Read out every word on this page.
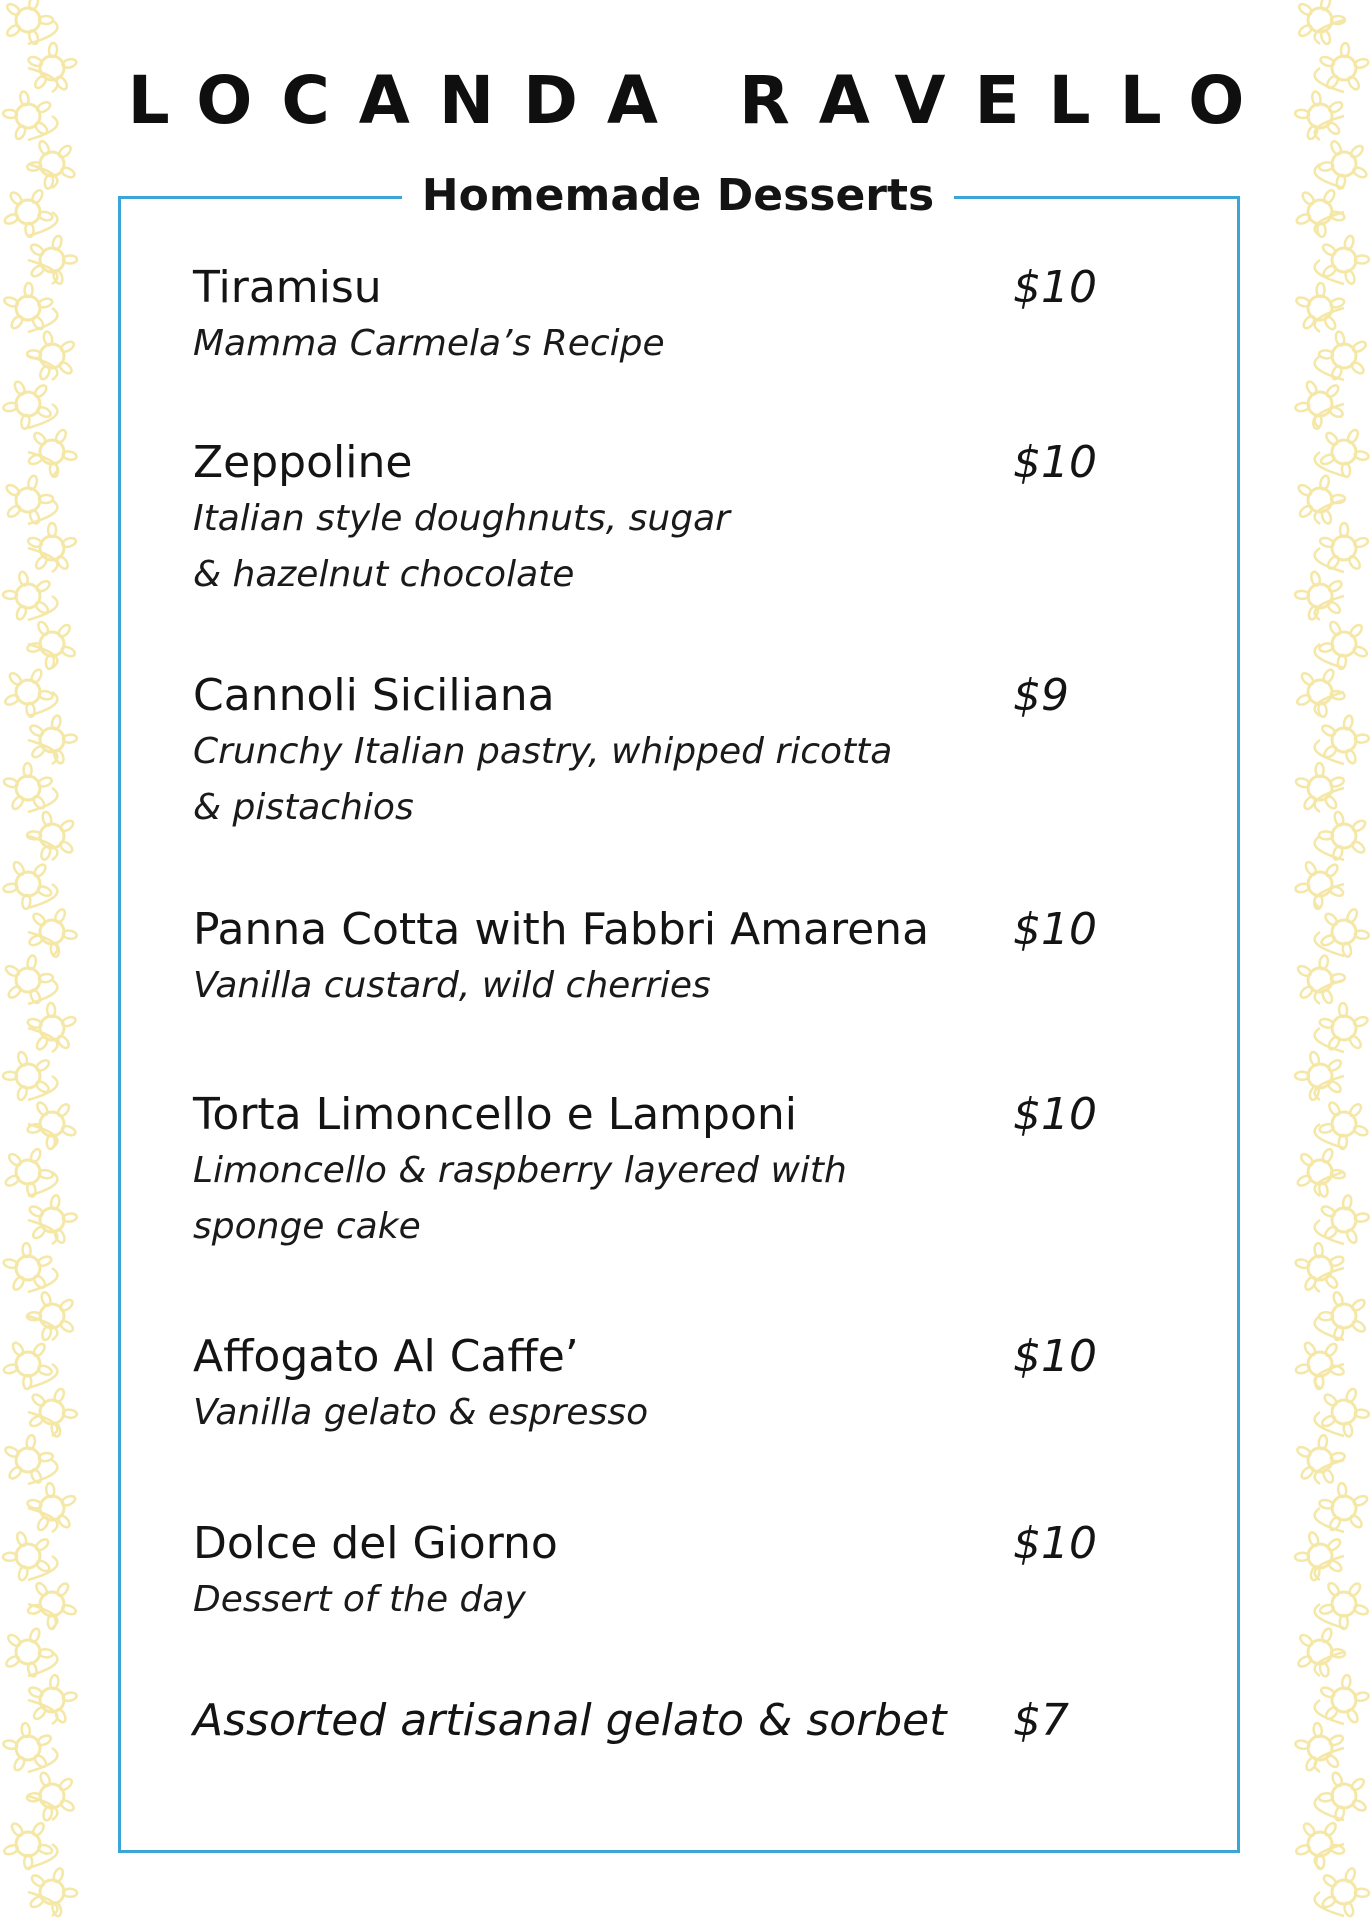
LOCANDA RAVELLO
Homemade Desserts
Tiramisu
Mamma Carmela’s Recipe
$10
Zeppoline
Italian style doughnuts, sugar
& hazelnut chocolate
$10
Cannoli Siciliana
Crunchy Italian pastry, whipped ricotta
& pistachios
$9
Panna Cotta with Fabbri Amarena
Vanilla custard, wild cherries
$10
Torta Limoncello e Lamponi
Limoncello & raspberry layered with
sponge cake
$10
Affogato Al Caffe’
Vanilla gelato & espresso
$10
Dolce del Giorno
Dessert of the day
$10
Assorted artisanal gelato & sorbet	$7
